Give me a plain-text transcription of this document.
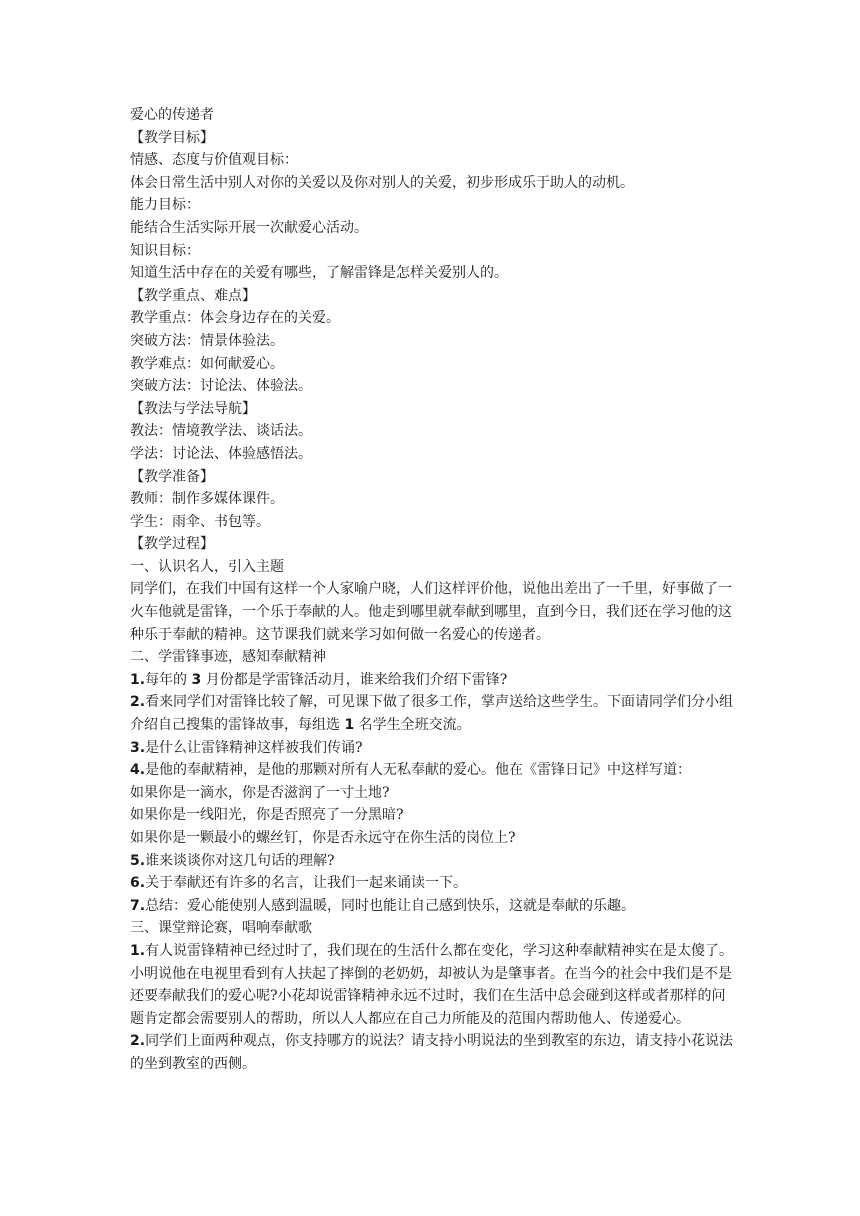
爱心的传递者

【教学目标】

情感、态度与价值观目标：

体会日常生活中别人对你的关爱以及你对别人的关爱，初步形成乐于助人的动机。

能力目标：

能结合生活实际开展一次献爱心活动。

知识目标：

知道生活中存在的关爱有哪些，了解雷锋是怎样关爱别人的。

【教学重点、难点】

教学重点：体会身边存在的关爱。

突破方法：情景体验法。

教学难点：如何献爱心。

突破方法：讨论法、体验法。

【教法与学法导航】

教法：情境教学法、谈话法。

学法：讨论法、体验感悟法。

【教学准备】

教师：制作多媒体课件。

学生：雨伞、书包等。

【教学过程】

一、认识名人，引入主题

同学们，在我们中国有这样一个人家喻户晓，人们这样评价他，说他出差出了一千里，好事做了一火车他就是雷锋，一个乐于奉献的人。他走到哪里就奉献到哪里，直到今日，我们还在学习他的这种乐于奉献的精神。这节课我们就来学习如何做一名爱心的传递者。

二、学雷锋事迹，感知奉献精神

1.每年的 3 月份都是学雷锋活动月，谁来给我们介绍下雷锋?

2.看来同学们对雷锋比较了解，可见课下做了很多工作，掌声送给这些学生。下面请同学们分小组介绍自己搜集的雷锋故事，每组选 1 名学生全班交流。

3.是什么让雷锋精神这样被我们传诵?

4.是他的奉献精神，是他的那颗对所有人无私奉献的爱心。他在《雷锋日记》中这样写道：

如果你是一滴水，你是否滋润了一寸土地?

如果你是一线阳光，你是否照亮了一分黑暗?

如果你是一颗最小的螺丝钉，你是否永远守在你生活的岗位上?

5.谁来谈谈你对这几句话的理解?

6.关于奉献还有许多的名言，让我们一起来诵读一下。

7.总结：爱心能使别人感到温暖，同时也能让自己感到快乐，这就是奉献的乐趣。

三、课堂辩论赛，唱响奉献歌

1.有人说雷锋精神已经过时了，我们现在的生活什么都在变化，学习这种奉献精神实在是太傻了。小明说他在电视里看到有人扶起了摔倒的老奶奶，却被认为是肇事者。在当今的社会中我们是不是还要奉献我们的爱心呢?小花却说雷锋精神永远不过时，我们在生活中总会碰到这样或者那样的问题肯定都会需要别人的帮助，所以人人都应在自己力所能及的范围内帮助他人、传递爱心。

2.同学们上面两种观点，你支持哪方的说法？请支持小明说法的坐到教室的东边，请支持小花说法的坐到教室的西侧。
